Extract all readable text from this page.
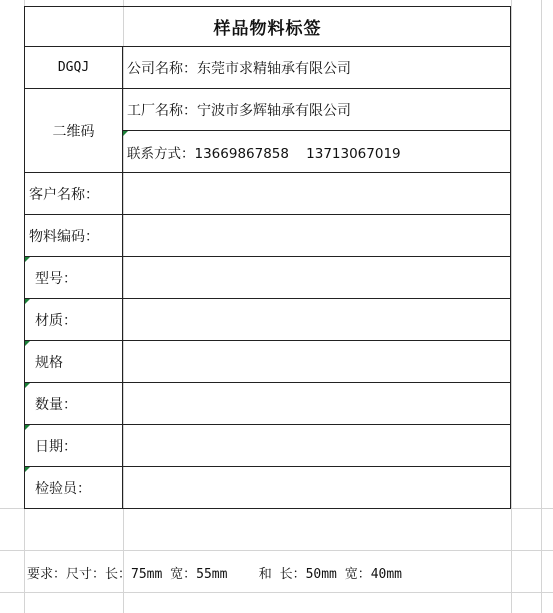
样品物料标签
DGQJ	公司名称：东莞市求精轴承有限公司
二维码
工厂名称：宁波市多辉轴承有限公司
联系方式：13669867858    13713067019
客户名称：
物料编码：
型号：
材质：
规格
数量：
日期：
检验员：
要求：尺寸：长：75mm 宽：55mm    和 长：50mm 宽：40mm
